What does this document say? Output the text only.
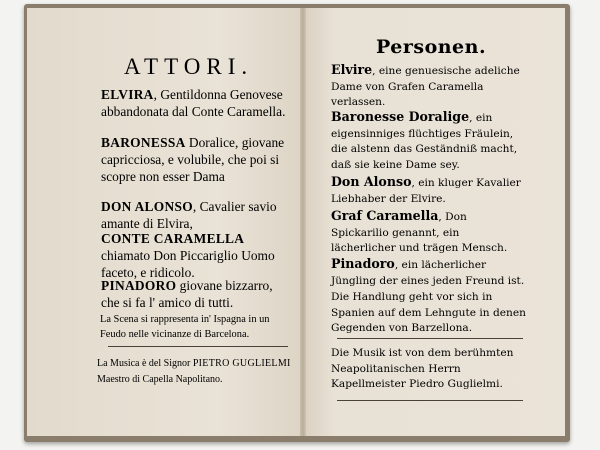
ATTORI.

ELVIRA, Gentildonna Genovese abbandonata dal Conte Caramella.

BARONESSA Doralice, giovane capricciosa, e volubile, che poi si scopre non esser Dama

DON ALONSO, Cavalier savio amante di Elvira,

CONTE CARAMELLA chiamato Don Piccariglio Uomo faceto, e ridicolo.

PINADORO giovane bizzarro, che si fa l' amico di tutti.

La Scena si rappresenta in' Ispagna in un Feudo nelle vicinanze di Barcelona.

La Musica è del Signor PIETRO GUGLIELMI Maestro di Capella Napolitano.

Personen.

Elvire, eine genuesische adeliche Dame von Grafen Caramella verlassen.

Baronesse Doralige, ein eigensinniges flüchtiges Fräulein, die alstenn das Geständniß macht, daß sie keine Dame sey.

Don Alonso, ein kluger Kavalier Liebhaber der Elvire.

Graf Caramella, Don Spickarilio genannt, ein lächerlicher und trägen Mensch.

Pinadoro, ein lächerlicher Jüngling der eines jeden Freund ist.

Die Handlung geht vor sich in Spanien auf dem Lehngute in denen Gegenden von Barzellona.

Die Musik ist von dem berühmten Neapolitanischen Herrn Kapellmeister Piedro Guglielmi.
